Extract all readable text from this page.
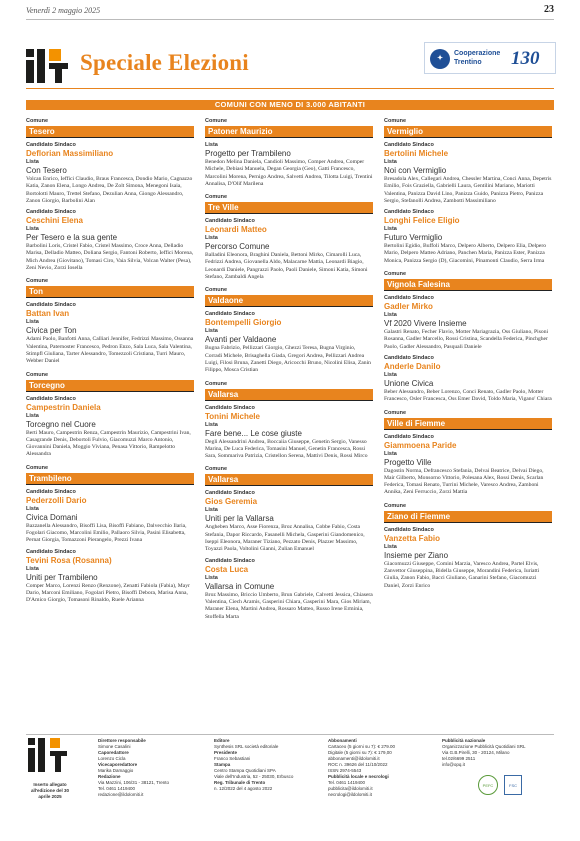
Venerdì 2 maggio 2025	23
Speciale Elezioni	✦
Cooperazione
Trentino	130
COMUNI CON MENO DI 3.000 ABITANTI
Comune
Tesero
Candidato Sindaco
Deflorian Massimiliano
Lista
Con Tesero
Volcan Enrico, Ieffici Claudio, Braus Francesca, Dondio Mario, Cagnazzo Katia, Zanon Elena, Longo Andrea, De Zolt Simona, Menegoni Isaia, Bortolotti Mauro, Trettel Stefano, Dezulian Anna, Giongo Alessandro, Zanon Giorgio, Barbolini Alan
Candidato Sindaco
Ceschini Elena
Lista
Per Tesero e la sua gente
Barbolini Loris, Cristel Fabio, Cristel Massimo, Croce Anna, Delladio Marisa, Delladio Matteo, Doliana Sergio, Fantoni Roberto, Ieffici Morena, Mich Andrea (Giovitano), Tomasi Ciro, Vaia Silvia, Volcan Walter (Pesa), Zeni Nevio, Zorzi Iosella
Comune
Ton
Candidato Sindaco
Battan Ivan
Lista
Civica per Ton
Adami Paolo, Banfotti Anna, Calliari Jennifer, Fedrizzi Massimo, Ossanna Valentina, Paternoster Francesco, Pedron Enzo, Sala Luca, Sala Valentina, Stimpfl Giuliana, Tarter Alessandro, Tomezzoli Cristiana, Turri Mauro, Webber Daniel
Comune
Torcegno
Candidato Sindaco
Campestrin Daniela
Lista
Torcegno nel Cuore
Berti Mauro, Campestrin Renza, Campestrin Maurizio, Campestrini Ivan, Casagrande Denis, Debortoli Fulvio, Giacomuzzi Marco Antonio, Giovannini Daniela, Moggio Viviana, Penasa Vittorio, Rampelotto Alessandra
Comune
Trambileno
Candidato Sindaco
Pederzolli Dario
Lista
Civica Domani
Bazzanella Alessandro, Bisoffi Lisa, Bisoffi Fabiano, Dalvecchio Ilaria, Fogolari Giacomo, Marcolini Emilio, Pallaoro Silvia, Pasini Elisabetta, Pernat Giorgia, Tomazzoni Pierangelo, Prezzi Ivana
Candidato Sindaco
Tevini Rosa (Rosanna)
Lista
Uniti per Trambileno
Comper Marco, Lorenzi Renzo (Renzone), Zenatti Fabiola (Fabia), Mayr Dario, Marconi Emiliano, Fogolari Pietro, Bisoffi Debora, Marisa Anna, D'Amico Giorgio, Tomasoni Rinaldo, Ruele Arianna
Comune
Patoner Maurizio
Lista
Progetto per Trambileno
Benedon Melina Daniela, Candioli Massimo, Comper Andrea, Comper Michele, Debiasi Manuela, Degan Georgia (Geo), Gatti Francesco, Marcolini Morena, Pernigo Andrea, Salvetti Andrea, Tilotta Luigi, Trentini Annalisa, D'Olif Marilena
Comune
Tre Ville
Candidato Sindaco
Leonardi Matteo
Lista
Percorso Comune
Balladini Eleonora, Braghini Daniela, Bettoni Mirko, Cimarolli Luca, Fedrizzi Andrea, Giovanella Aldo, Malacarne Mattia, Leonardi Biagio, Leonardi Daniele, Pangrazzi Paolo, Paoli Daniele, Simoni Katia, Simoni Stefano, Zambaldi Angela
Comune
Valdaone
Candidato Sindaco
Bontempelli Giorgio
Lista
Avanti per Valdaone
Bugna Fabrizio, Pellizzari Giorgio, Ghezzi Teresa, Bugna Virginio, Corradi Michele, Brisaghella Giada, Gregori Andrea, Pellizzari Andrea Luigi, Filosi Bruna, Zanetti Diego, Aricocchi Bruno, Nicolini Elisa, Zanin Filippo, Mosca Cristian
Comune
Vallarsa
Candidato Sindaco
Tonini Michele
Lista
Fare bene... Le cose giuste
Degli Alessandrini Andrea, Boccaiia Giuseppe, Genetin Sergio, Vanesso Marina, De Luca Federica, Tomasini Manuel, Genetin Francesca, Rossi Sara, Sommariva Patrizia, Cristellon Serena, Mattivi Denis, Rossi Mirco
Comune
Vallarsa
Candidato Sindaco
Gios Geremia
Lista
Uniti per la Vallarsa
Angheben Marco, Asse Fiorenza, Broz Annalisa, Cobbe Fabio, Costa Stefania, Dapor Riccardo, Fasanelli Michela, Gasperini Giandomenico, Iseppi Eleonora, Maraner Tiziano, Pezzato Denis, Plazzer Massimo, Toyazzi Paola, Voltolini Gianni, Zulian Emanuel
Candidato Sindaco
Costa Luca
Lista
Vallarsa in Comune
Broz Massimo, Briccio Umberto, Brun Gabriele, Calvetti Jessica, Chiasera Valentina, Ciech Aramis, Gasperini Chiara, Gasperini Mara, Gios Miriam, Maraner Elena, Martini Andrea, Rossaro Matteo, Russo Irene Erminia, Stoffella Marta
Comune
Vermiglio
Candidato Sindaco
Bertolini Michele
Lista
Noi con Vermiglio
Bresadola Alex, Callegari Andrea, Chessler Martina, Conci Anna, Depetris Emilio, Fois Graziella, Gabrielli Laura, Gentilini Mariano, Mariotti Valentina, Panizza David Lino, Panizza Guido, Panizza Pietro, Panizza Sergio, Stefanolli Andrea, Zambotti Massimiliano
Candidato Sindaco
Longhi Felice Eligio
Lista
Futuro Vermiglio
Bertolini Egidio, Buffoli Marco, Delpero Alberto, Delpero Elia, Delpero Mario, Delpero Matteo Adriano, Panchen Maria, Panizza Ester, Panizza Monica, Panizza Sergio (D), Giacomini, Pinamonti Claudio, Serra Irma
Comune
Vignola Falesina
Candidato Sindaco
Gadler Mirko
Lista
Vf 2020 Vivere Insieme
Galastri Renato, Fecher Flavio, Motter Mariagrazia, Oss Giuliano, Pisoni Rosanna, Gadler Marcello, Rossi Cristina, Scandella Federica, Pinchgher Paolo, Gadler Alessandro, Pasquali Daniele
Candidato Sindaco
Anderle Danilo
Lista
Unione Civica
Beber Alessandro, Beber Lorenzo, Conci Renato, Gadler Paolo, Motter Francesco, Osler Francesca, Oss Emer David, Toldo Maria, Vigano' Chiara
Comune
Ville di Fiemme
Candidato Sindaco
Giammoena Paride
Lista
Progetto Ville
Dagostin Norma, Defrancesco Stefania, Delvai Beatrice, Delvai Diego, Mair Gilberto, Monsorno Vittorio, Polesana Alex, Rossi Denis, Scarlan Federica, Tomasi Renato, Turrini Michele, Varesco Andrea, Zamboni Annika, Zeni Ferruccio, Zorzi Mattia
Comune
Ziano di Fiemme
Candidato Sindaco
Vanzetta Fabio
Lista
Insieme per Ziano
Giacomuzzi Giuseppe, Comini Marzia, Varesco Andrea, Partel Elvis, Zanvettor Giuseppina, Bidella Giuseppe, Morandini Federica, Iuriatti Giulia, Zanon Fabio, Bacci Giuliano, Ganarini Stefano, Giacomuzzi Daniel, Zorzi Enrico
Inserto allegato all'edizione del 30 aprile 2025
Direttore responsabile
Simone Casalini
Caporedattore
Lorenzo Cicla
Vicecaporedattore
Marika Damaggio
Redazione
Via Mazzini, 106/31 - 38121, Trento
Tel. 0461 1419400
redazione@ildolomiti.it
Editore
Synthesis SRL società editoriale
Presidente
Franco Sebastiani
Stampa
Centro Stampa Quotidiani SPA
Viale dell'Industria, 52 - 25030, Erbusco
Reg. Tribunale di Trento
n. 12/2022 del 4 agosto 2022
Abbonamenti
Cartaceo (5 giorni su 7): € 279.00
Digitale (5 giorni su 7): € 179,00
abbonamenti@ildolomiti.it
ROC n. 39626 del 11/10/2022
ISSN 2974-5543
Pubblicità locale e necrologi
Tel. 0461 1419400
pubblicita@ildolomiti.it
necrologi@ildolomiti.it
Pubblicità nazionale
Organizzazione Pubblicità Quotidiani SRL
Via G.B.Pirelli, 30 - 20124, Milano
tel.02/6699 2511
info@opq.it
PEFC	FSC
